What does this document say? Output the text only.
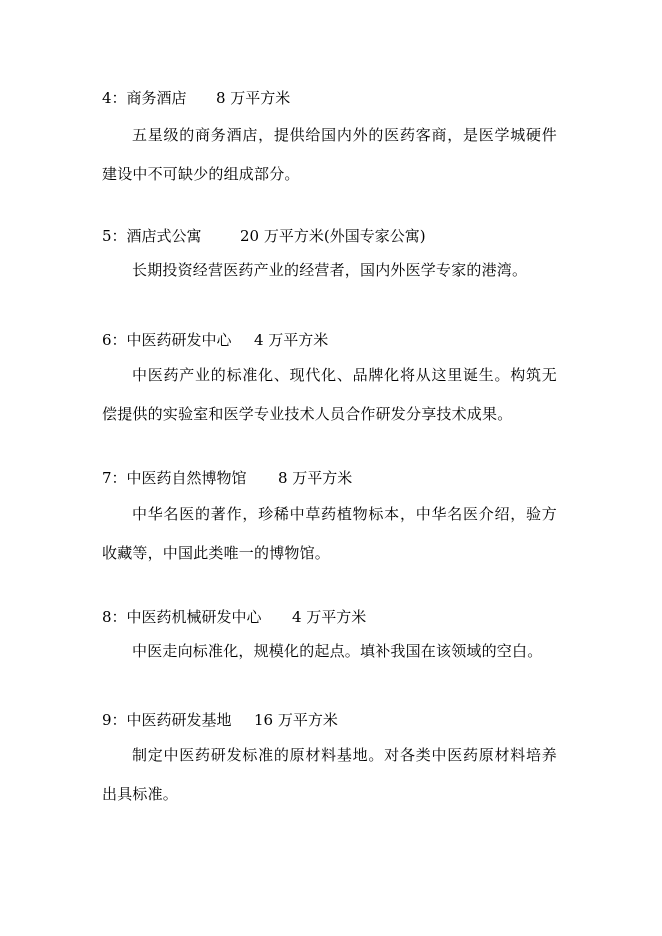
4：商务酒店 8 万平方米
五星级的商务酒店，提供给国内外的医药客商，是医学城硬件建设中不可缺少的组成部分。
5：酒店式公寓	20 万平方米(外国专家公寓)
长期投资经营医药产业的经营者，国内外医学专家的港湾。
6：中医药研发中心 4 万平方米
中医药产业的标准化、现代化、品牌化将从这里诞生。构筑无偿提供的实验室和医学专业技术人员合作研发分享技术成果。
7：中医药自然博物馆 8 万平方米
中华名医的著作，珍稀中草药植物标本，中华名医介绍，验方收藏等，中国此类唯一的博物馆。
8：中医药机械研发中心 4 万平方米
中医走向标准化，规模化的起点。填补我国在该领域的空白。
9：中医药研发基地 16 万平方米
制定中医药研发标准的原材料基地。对各类中医药原材料培养出具标准。
